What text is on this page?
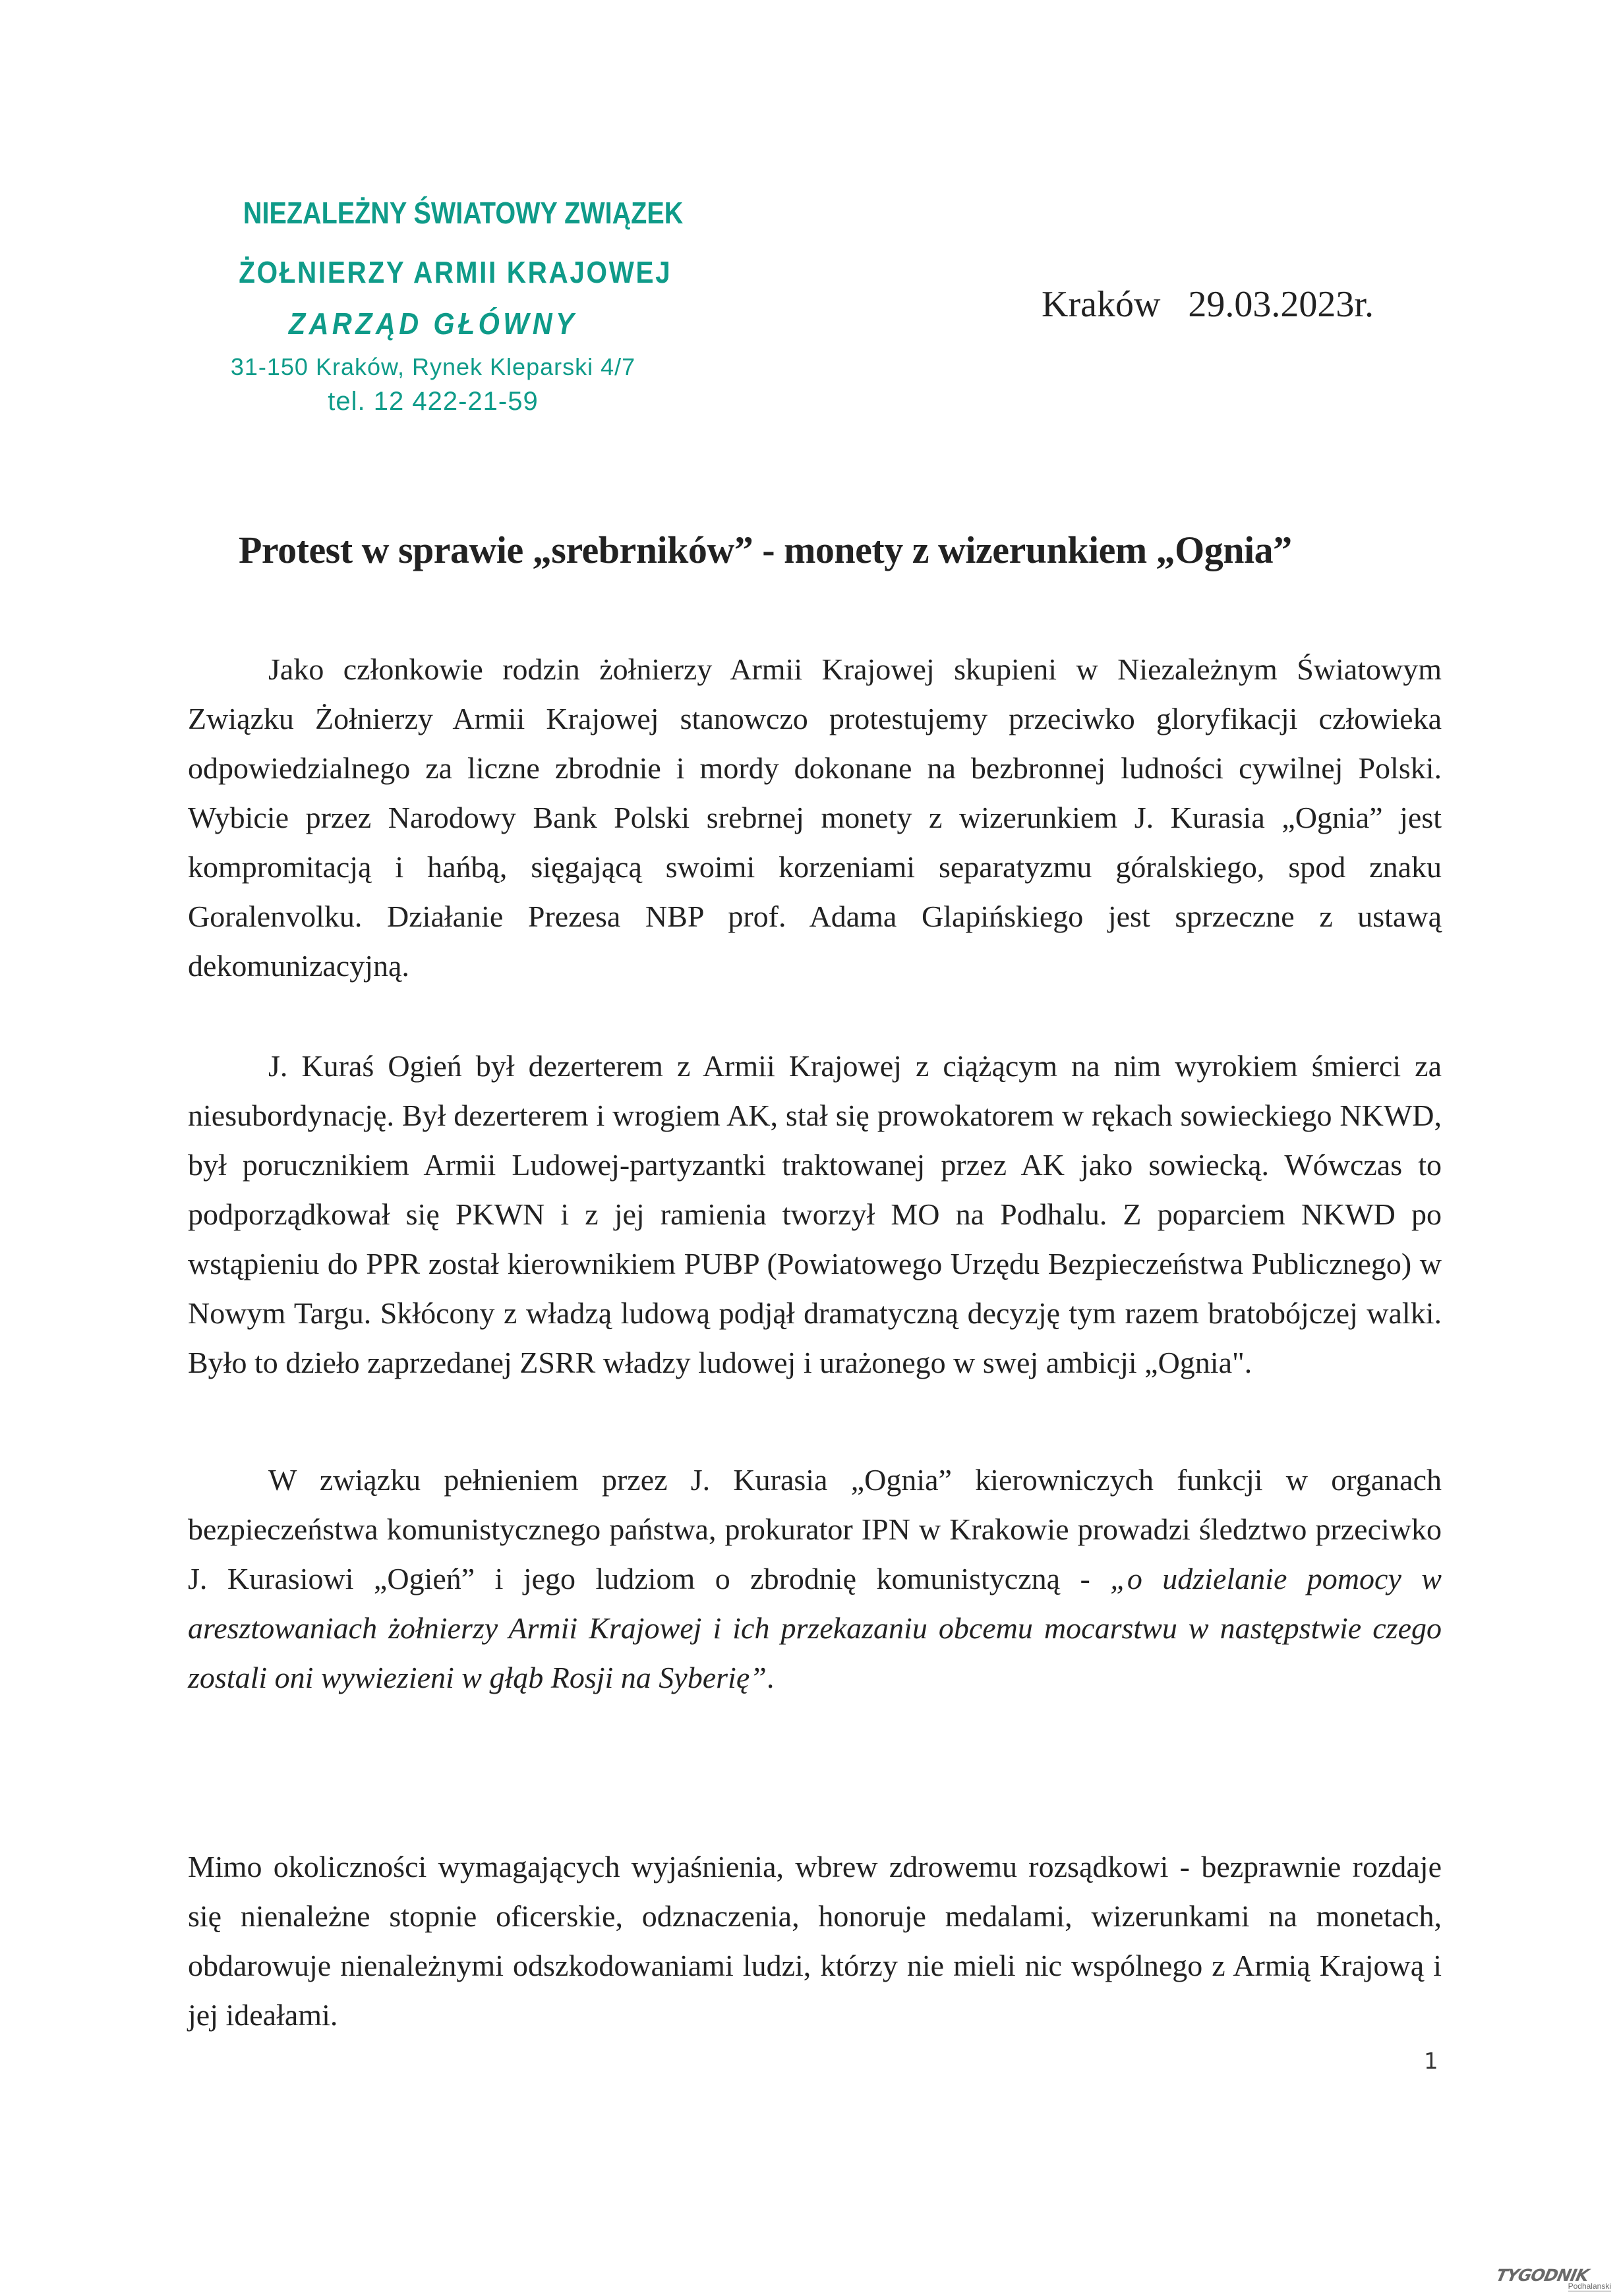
NIEZALEŻNY ŚWIATOWY ZWIĄZEK
ŻOŁNIERZY ARMII KRAJOWEJ
ZARZĄD GŁÓWNY
31-150 Kraków, Rynek Kleparski 4/7
tel. 12 422-21-59
Kraków 29.03.2023r.
Protest w sprawie „srebrników” - monety z wizerunkiem „Ognia”

Jako członkowie rodzin żołnierzy Armii Krajowej skupieni w Niezależnym Światowym Związku Żołnierzy Armii Krajowej stanowczo protestujemy przeciwko gloryfikacji człowieka odpowiedzialnego za liczne zbrodnie i mordy dokonane na bezbronnej ludności cywilnej Polski. Wybicie przez Narodowy Bank Polski srebrnej monety z wizerunkiem J. Kurasia „Ognia” jest kompromitacją i hańbą, sięgającą swoimi korzeniami separatyzmu góralskiego, spod znaku Goralenvolku. Działanie Prezesa NBP prof. Adama Glapińskiego jest sprzeczne z ustawą dekomunizacyjną.

J. Kuraś Ogień był dezerterem z Armii Krajowej z ciążącym na nim wyrokiem śmierci za niesubordynację. Był dezerterem i wrogiem AK, stał się prowokatorem w rękach sowieckiego NKWD, był porucznikiem Armii Ludowej-partyzantki traktowanej przez AK jako sowiecką. Wówczas to podporządkował się PKWN i z jej ramienia tworzył MO na Podhalu. Z poparciem NKWD po wstąpieniu do PPR został kierownikiem PUBP (Powiatowego Urzędu Bezpieczeństwa Publicznego) w Nowym Targu. Skłócony z władzą ludową podjął dramatyczną decyzję tym razem bratobójczej walki. Było to dzieło zaprzedanej ZSRR władzy ludowej i urażonego w swej ambicji „Ognia".

W związku pełnieniem przez J. Kurasia „Ognia” kierowniczych funkcji w organach bezpieczeństwa komunistycznego państwa, prokurator IPN w Krakowie prowadzi śledztwo przeciwko J. Kurasiowi „Ogień” i jego ludziom o zbrodnię komunistyczną - „o udzielanie pomocy w aresztowaniach żołnierzy Armii Krajowej i ich przekazaniu obcemu mocarstwu w następstwie czego zostali oni wywiezieni w głąb Rosji na Syberię”.

Mimo okoliczności wymagających wyjaśnienia, wbrew zdrowemu rozsądkowi - bezprawnie rozdaje się nienależne stopnie oficerskie, odznaczenia, honoruje medalami, wizerunkami na monetach, obdarowuje nienależnymi odszkodowaniami ludzi, którzy nie mieli nic wspólnego z Armią Krajową i jej ideałami.

1
TYGODNIK
Podhalanski
